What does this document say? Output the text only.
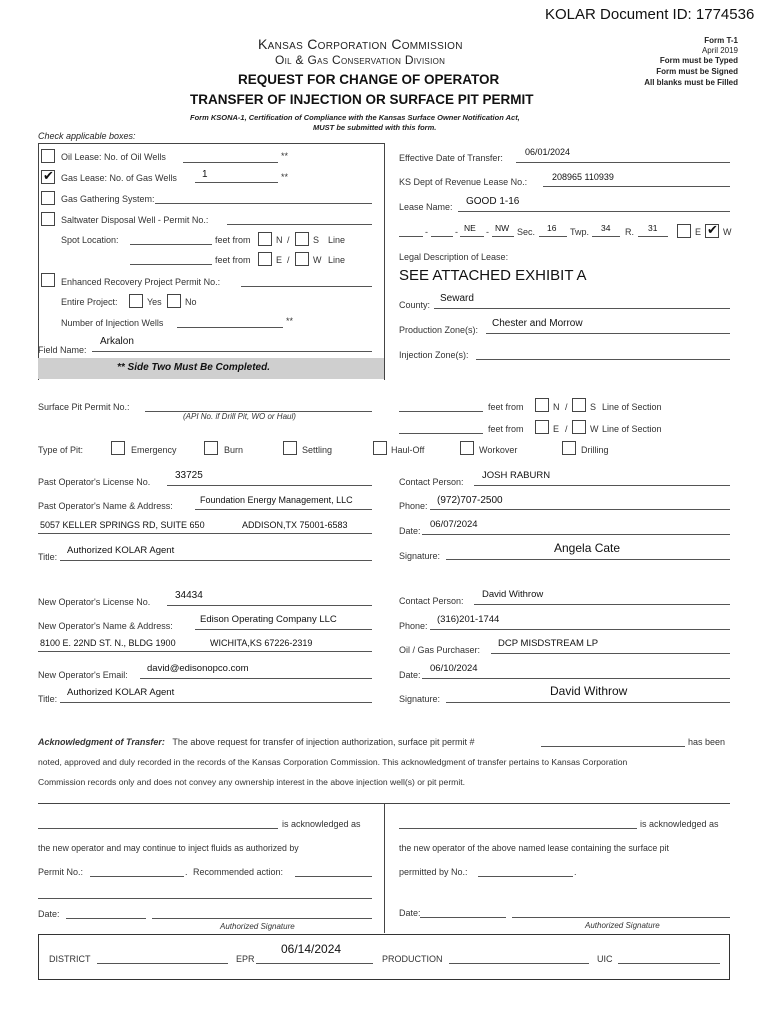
KOLAR Document ID: 1774536
Kansas Corporation Commission
Oil & Gas Conservation Division
REQUEST FOR CHANGE OF OPERATOR
TRANSFER OF INJECTION OR SURFACE PIT PERMIT
Form T-1
April 2019
Form must be Typed
Form must be Signed
All blanks must be Filled
Form KSONA-1, Certification of Compliance with the Kansas Surface Owner Notification Act,
MUST be submitted with this form.
Check applicable boxes:
Oil Lease: No. of Oil Wells	**
✔ Gas Lease: No. of Gas Wells	1	**
Gas Gathering System:
Saltwater Disposal Well - Permit No.:
Spot Location:	feet from	N /	S Line
feet from	E /	W Line
Enhanced Recovery Project Permit No.:
Entire Project:	Yes	No
Number of Injection Wells	**
Field Name:
Arkalon
** Side Two Must Be Completed.
Effective Date of Transfer:
06/01/2024
KS Dept of Revenue Lease No.:	208965 110939
Lease Name: GOOD 1-16
-	- NE - NW Sec. 16 Twp. 34 R. 31	E ✔ W
Legal Description of Lease:
SEE ATTACHED EXHIBIT A
County:
Seward
Production Zone(s):
Chester and Morrow
Injection Zone(s):
Surface Pit Permit No.:
(API No. if Drill Pit, WO or Haul)
feet from	N / S Line of Section
feet from	E / W Line of Section
Type of Pit:	Emergency	Burn	Settling	Haul-Off	Workover	Drilling
Past Operator's License No.
33725
Past Operator's Name & Address:
Foundation Energy Management, LLC
5057 KELLER SPRINGS RD, SUITE 650	ADDISON,TX 75001-6583
Title:
Authorized KOLAR Agent
Contact Person:
JOSH RABURN
Phone: (972)707-2500
Date:
06/07/2024
Signature:
Angela Cate
New Operator's License No.
34434
New Operator's Name & Address:
Edison Operating Company LLC
8100 E. 22ND ST. N., BLDG 1900	WICHITA,KS 67226-2319
New Operator's Email:
david@edisonopco.com
Title:
Authorized KOLAR Agent
Contact Person:
David Withrow
Phone:
(316)201-1744
Oil / Gas Purchaser:
DCP MISDSTREAM LP
Date:
06/10/2024
Signature:
David Withrow
Acknowledgment of Transfer: The above request for transfer of injection authorization, surface pit permit #	has been
noted, approved and duly recorded in the records of the Kansas Corporation Commission. This acknowledgment of transfer pertains to Kansas Corporation
Commission records only and does not convey any ownership interest in the above injection well(s) or pit permit.
is acknowledged as
the new operator and may continue to inject fluids as authorized by
Permit No.:	. Recommended action:
Date:
Authorized Signature
is acknowledged as
the new operator of the above named lease containing the surface pit
permitted by No.:	.
Date:
Authorized Signature
DISTRICT	EPR
06/14/2024
PRODUCTION	UIC
